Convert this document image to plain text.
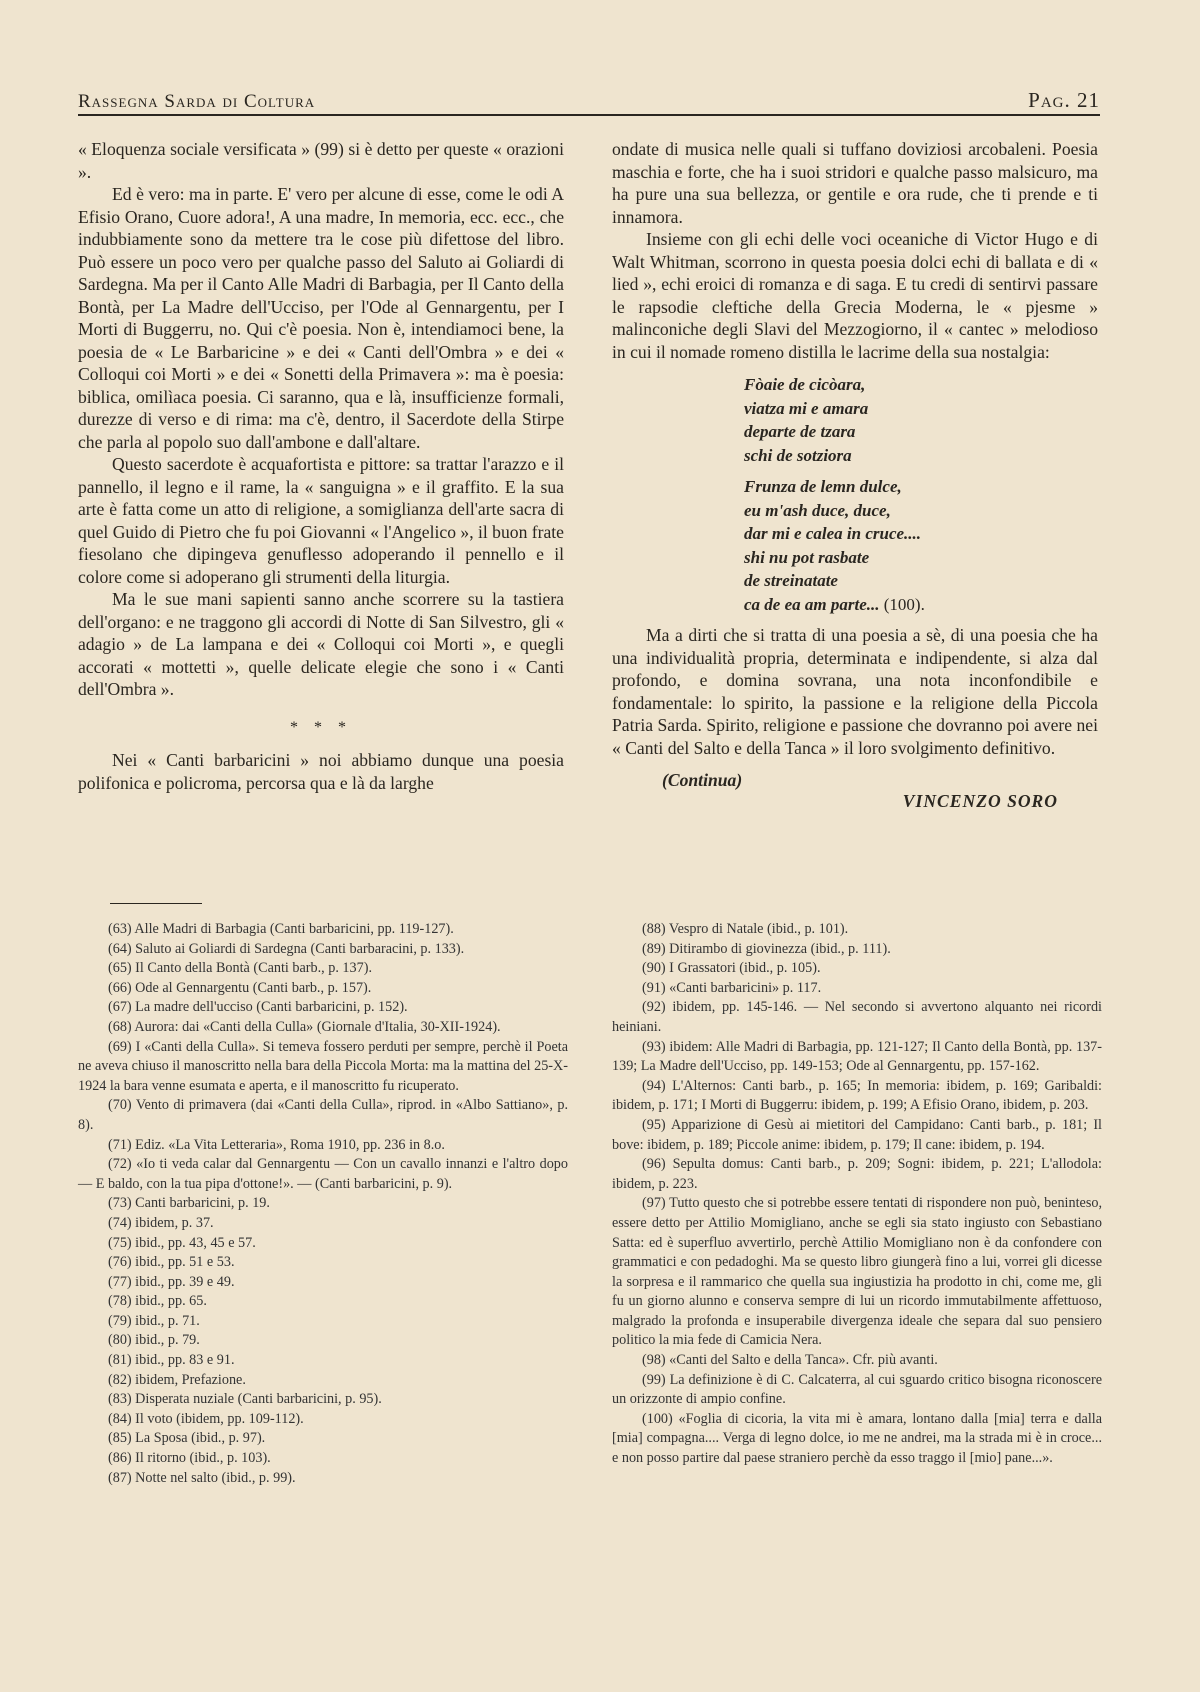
Rassegna Sarda di Coltura	Pag. 21

« Eloquenza sociale versificata » (99) si è detto per queste « orazioni ».

Ed è vero: ma in parte. E' vero per alcune di esse, come le odi A Efisio Orano, Cuore adora!, A una madre, In memoria, ecc. ecc., che indubbiamente sono da mettere tra le cose più difettose del libro. Può essere un poco vero per qualche passo del Saluto ai Goliardi di Sardegna. Ma per il Canto Alle Madri di Barbagia, per Il Canto della Bontà, per La Madre dell'Ucciso, per l'Ode al Gennargentu, per I Morti di Buggerru, no. Qui c'è poesia. Non è, intendiamoci bene, la poesia de « Le Barbaricine » e dei « Canti dell'Ombra » e dei « Colloqui coi Morti » e dei « Sonetti della Primavera »: ma è poesia: biblica, omilìaca poesia. Ci saranno, qua e là, insufficienze formali, durezze di verso e di rima: ma c'è, dentro, il Sacerdote della Stirpe che parla al popolo suo dall'ambone e dall'altare.

Questo sacerdote è acquafortista e pittore: sa trattar l'arazzo e il pannello, il legno e il rame, la « sanguigna » e il graffito. E la sua arte è fatta come un atto di religione, a somiglianza dell'arte sacra di quel Guido di Pietro che fu poi Giovanni « l'Angelico », il buon frate fiesolano che dipingeva genuflesso adoperando il pennello e il colore come si adoperano gli strumenti della liturgia.

Ma le sue mani sapienti sanno anche scorrere su la tastiera dell'organo: e ne traggono gli accordi di Notte di San Silvestro, gli « adagio » de La lampana e dei « Colloqui coi Morti », e quegli accorati « mottetti », quelle delicate elegie che sono i « Canti dell'Ombra ».

* * *

Nei « Canti barbaricini » noi abbiamo dunque una poesia polifonica e policroma, percorsa qua e là da larghe

ondate di musica nelle quali si tuffano doviziosi arcobaleni. Poesia maschia e forte, che ha i suoi stridori e qualche passo malsicuro, ma ha pure una sua bellezza, or gentile e ora rude, che ti prende e ti innamora.

Insieme con gli echi delle voci oceaniche di Victor Hugo e di Walt Whitman, scorrono in questa poesia dolci echi di ballata e di « lied », echi eroici di romanza e di saga. E tu credi di sentirvi passare le rapsodie cleftiche della Grecia Moderna, le « pjesme » malinconiche degli Slavi del Mezzogiorno, il « cantec » melodioso in cui il nomade romeno distilla le lacrime della sua nostalgia:

Fòaie de cicòara,
viatza mi e amara
departe de tzara
schi de sotziora
Frunza de lemn dulce,
eu m'ash duce, duce,
dar mi e calea in cruce....
shi nu pot rasbate
de streinatate
ca de ea am parte... (100).

Ma a dirti che si tratta di una poesia a sè, di una poesia che ha una individualità propria, determinata e indipendente, si alza dal profondo, e domina sovrana, una nota inconfondibile e fondamentale: lo spirito, la passione e la religione della Piccola Patria Sarda. Spirito, religione e passione che dovranno poi avere nei « Canti del Salto e della Tanca » il loro svolgimento definitivo.

(Continua)
VINCENZO SORO
(63) Alle Madri di Barbagia (Canti barbaricini, pp. 119-127).
(64) Saluto ai Goliardi di Sardegna (Canti barbaracini, p. 133).
(65) Il Canto della Bontà (Canti barb., p. 137).
(66) Ode al Gennargentu (Canti barb., p. 157).
(67) La madre dell'ucciso (Canti barbaricini, p. 152).
(68) Aurora: dai «Canti della Culla» (Giornale d'Italia, 30-XII-1924).
(69) I «Canti della Culla». Si temeva fossero perduti per sempre, perchè il Poeta ne aveva chiuso il manoscritto nella bara della Piccola Morta: ma la mattina del 25-X-1924 la bara venne esumata e aperta, e il manoscritto fu ricuperato.
(70) Vento di primavera (dai «Canti della Culla», riprod. in «Albo Sattiano», p. 8).
(71) Ediz. «La Vita Letteraria», Roma 1910, pp. 236 in 8.o.
(72) «Io ti veda calar dal Gennargentu — Con un cavallo innanzi e l'altro dopo — E baldo, con la tua pipa d'ottone!». — (Canti barbaricini, p. 9).
(73) Canti barbaricini, p. 19.
(74) ibidem, p. 37.
(75) ibid., pp. 43, 45 e 57.
(76) ibid., pp. 51 e 53.
(77) ibid., pp. 39 e 49.
(78) ibid., pp. 65.
(79) ibid., p. 71.
(80) ibid., p. 79.
(81) ibid., pp. 83 e 91.
(82) ibidem, Prefazione.
(83) Disperata nuziale (Canti barbaricini, p. 95).
(84) Il voto (ibidem, pp. 109-112).
(85) La Sposa (ibid., p. 97).
(86) Il ritorno (ibid., p. 103).
(87) Notte nel salto (ibid., p. 99).
(88) Vespro di Natale (ibid., p. 101).
(89) Ditirambo di giovinezza (ibid., p. 111).
(90) I Grassatori (ibid., p. 105).
(91) «Canti barbaricini» p. 117.
(92) ibidem, pp. 145-146. — Nel secondo si avvertono alquanto nei ricordi heiniani.
(93) ibidem: Alle Madri di Barbagia, pp. 121-127; Il Canto della Bontà, pp. 137-139; La Madre dell'Ucciso, pp. 149-153; Ode al Gennargentu, pp. 157-162.
(94) L'Alternos: Canti barb., p. 165; In memoria: ibidem, p. 169; Garibaldi: ibidem, p. 171; I Morti di Buggerru: ibidem, p. 199; A Efisio Orano, ibidem, p. 203.
(95) Apparizione di Gesù ai mietitori del Campidano: Canti barb., p. 181; Il bove: ibidem, p. 189; Piccole anime: ibidem, p. 179; Il cane: ibidem, p. 194.
(96) Sepulta domus: Canti barb., p. 209; Sogni: ibidem, p. 221; L'allodola: ibidem, p. 223.
(97) Tutto questo che si potrebbe essere tentati di rispondere non può, beninteso, essere detto per Attilio Momigliano, anche se egli sia stato ingiusto con Sebastiano Satta: ed è superfluo avvertirlo, perchè Attilio Momigliano non è da confondere con grammatici e con pedadoghi. Ma se questo libro giungerà fino a lui, vorrei gli dicesse la sorpresa e il rammarico che quella sua ingiustizia ha prodotto in chi, come me, gli fu un giorno alunno e conserva sempre di lui un ricordo immutabilmente affettuoso, malgrado la profonda e insuperabile divergenza ideale che separa dal suo pensiero politico la mia fede di Camicia Nera.
(98) «Canti del Salto e della Tanca». Cfr. più avanti.
(99) La definizione è di C. Calcaterra, al cui sguardo critico bisogna riconoscere un orizzonte di ampio confine.
(100) «Foglia di cicoria, la vita mi è amara, lontano dalla [mia] terra e dalla [mia] compagna.... Verga di legno dolce, io me ne andrei, ma la strada mi è in croce... e non posso partire dal paese straniero perchè da esso traggo il [mio] pane...».
